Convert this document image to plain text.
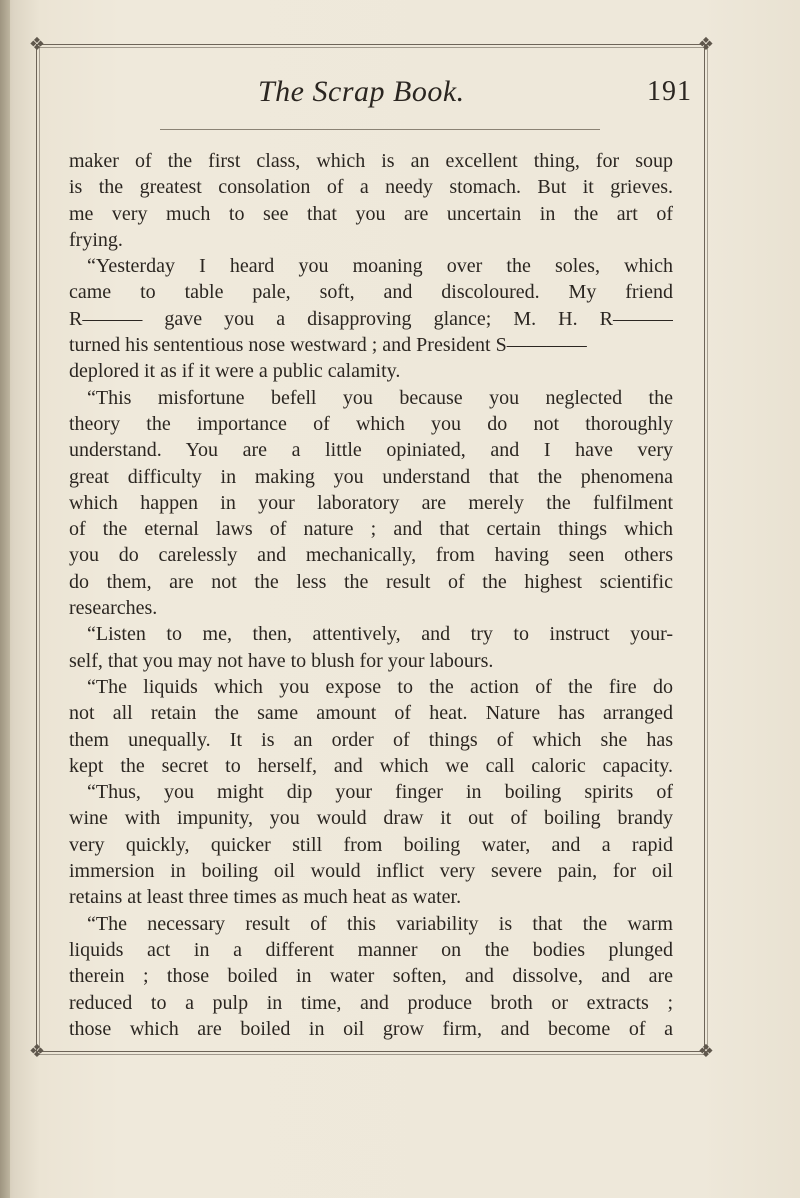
❖	❖
❖	❖
The Scrap Book.	191
maker of the first class, which is an excellent thing, for soup
is the greatest consolation of a needy stomach. But it grieves.
me very much to see that you are uncertain in the art of
frying.
“Yesterday I heard you moaning over the soles, which
came to table pale, soft, and discoloured. My friend
R——— gave you a disapproving glance; M. H. R———
turned his sententious nose westward ; and President S————
deplored it as if it were a public calamity.
“This misfortune befell you because you neglected the
theory the importance of which you do not thoroughly
understand. You are a little opiniated, and I have very
great difficulty in making you understand that the phenomena
which happen in your laboratory are merely the fulfilment
of the eternal laws of nature ; and that certain things which
you do carelessly and mechanically, from having seen others
do them, are not the less the result of the highest scientific
researches.
“Listen to me, then, attentively, and try to instruct your-
self, that you may not have to blush for your labours.
“The liquids which you expose to the action of the fire do
not all retain the same amount of heat. Nature has arranged
them unequally. It is an order of things of which she has
kept the secret to herself, and which we call caloric capacity.
“Thus, you might dip your finger in boiling spirits of
wine with impunity, you would draw it out of boiling brandy
very quickly, quicker still from boiling water, and a rapid
immersion in boiling oil would inflict very severe pain, for oil
retains at least three times as much heat as water.
“The necessary result of this variability is that the warm
liquids act in a different manner on the bodies plunged
therein ; those boiled in water soften, and dissolve, and are
reduced to a pulp in time, and produce broth or extracts ;
those which are boiled in oil grow firm, and become of a
